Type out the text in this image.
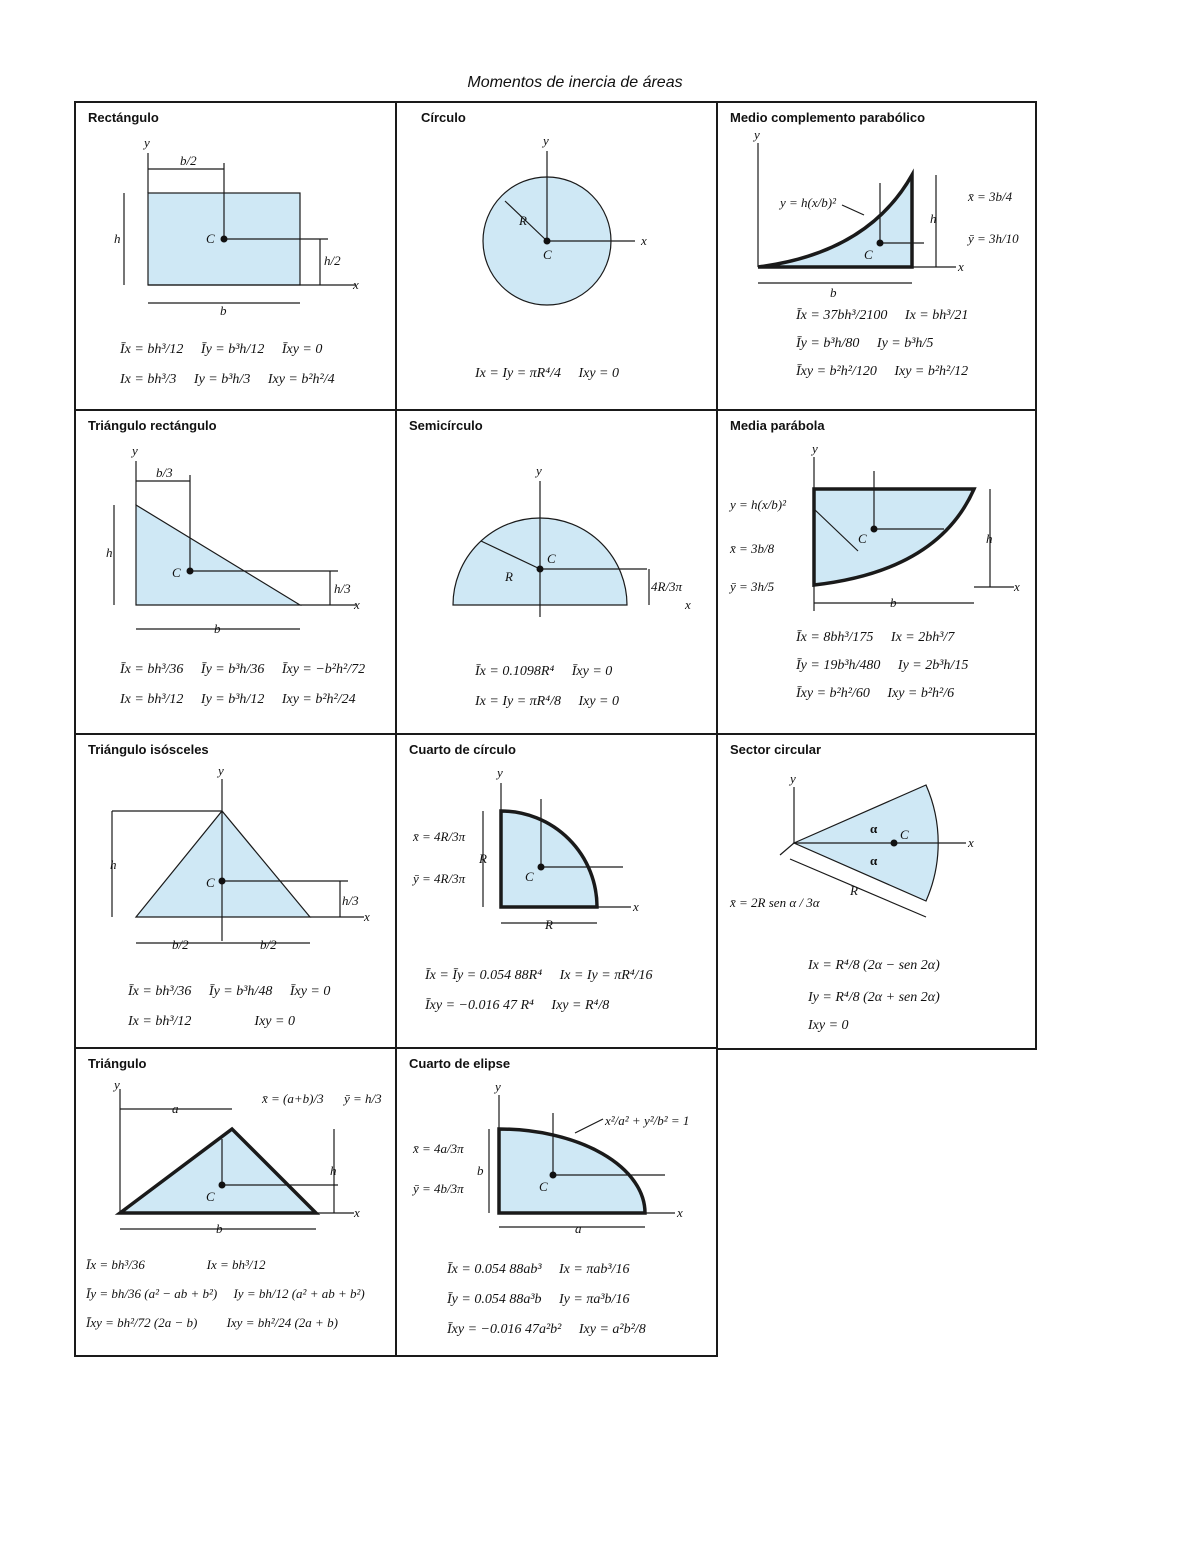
Momentos de inercia de áreas
Rectángulo
y
x
b/2
h
h/2
b
C
Īx = bh³/12     Īy = b³h/12     Īxy = 0
Ix = bh³/3     Iy = b³h/3     Ixy = b²h²/4
Círculo
y
x
R
C
Ix = Iy = πR⁴/4     Ixy = 0
Medio complemento parabólico
y
x
y = h(x/b)²
h
b
C
x̄ = 3b/4
ȳ = 3h/10
Īx = 37bh³/2100     Ix = bh³/21
Īy = b³h/80     Iy = b³h/5
Īxy = b²h²/120     Ixy = b²h²/12
Triángulo rectángulo
y
x
b/3
h
h/3
b
C
Īx = bh³/36     Īy = b³h/36     Īxy = −b²h²/72
Ix = bh³/12     Iy = b³h/12     Ixy = b²h²/24
Semicírculo
y
x
R
C
4R/3π
Īx = 0.1098R⁴     Īxy = 0
Ix = Iy = πR⁴/8     Ixy = 0
Media parábola
y
x
y = h(x/b)²
x̄ = 3b/8
ȳ = 3h/5
h
b
C
Īx = 8bh³/175     Ix = 2bh³/7
Īy = 19b³h/480     Iy = 2b³h/15
Īxy = b²h²/60     Ixy = b²h²/6
Triángulo isósceles
y
x
h
h/3
b/2	b/2
C
Īx = bh³/36     Īy = b³h/48     Īxy = 0
Ix = bh³/12                  Ixy = 0
Cuarto de círculo
y
x
R
R
C
x̄ = 4R/3π
ȳ = 4R/3π
Īx = Īy = 0.054 88R⁴     Ix = Iy = πR⁴/16
Īxy = −0.016 47 R⁴     Ixy = R⁴/8
Sector circular
y
x
R
α
α
C
x̄ = 2R sen α / 3α
Ix = R⁴/8 (2α − sen 2α)
Iy = R⁴/8 (2α + sen 2α)
Ixy = 0
Triángulo
y
x
a
b
h
C
x̄ = (a+b)/3 ȳ = h/3
Īx = bh³/36                   Ix = bh³/12
Īy = bh/36 (a² − ab + b²)     Iy = bh/12 (a² + ab + b²)
Īxy = bh²/72 (2a − b)         Ixy = bh²/24 (2a + b)
Cuarto de elipse
y
x
a
b
C
x²/a² + y²/b² = 1
x̄ = 4a/3π
ȳ = 4b/3π
Īx = 0.054 88ab³     Ix = πab³/16
Īy = 0.054 88a³b     Iy = πa³b/16
Īxy = −0.016 47a²b²     Ixy = a²b²/8
